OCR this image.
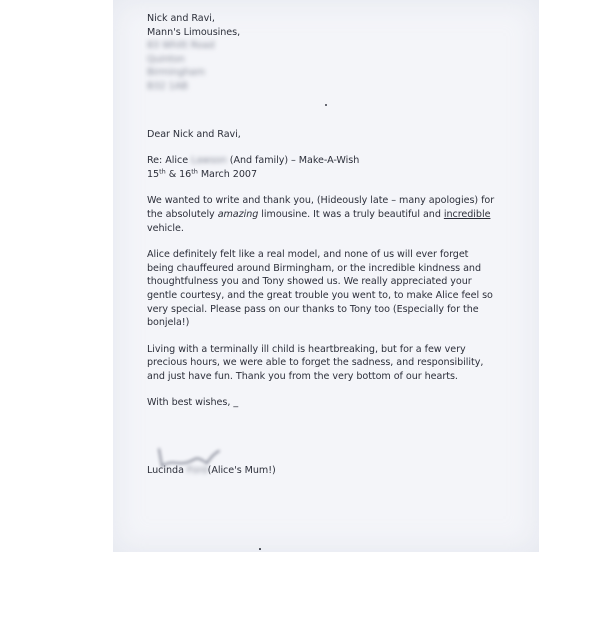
Nick and Ravi,
Mann's Limousines,
83 Whitt Road
Quinton
Birmingham
B32 1AB
Dear Nick and Ravi,
Re: Alice Lawson (And family) – Make-A-Wish
15th & 16th March 2007
We wanted to write and thank you, (Hideously late – many apologies) for
the absolutely amazing limousine. It was a truly beautiful and incredible
vehicle.
Alice definitely felt like a real model, and none of us will ever forget
being chauffeured around Birmingham, or the incredible kindness and
thoughtfulness you and Tony showed us. We really appreciated your
gentle courtesy, and the great trouble you went to, to make Alice feel so
very special. Please pass on our thanks to Tony too (Especially for the
bonjela!)
Living with a terminally ill child is heartbreaking, but for a few very
precious hours, we were able to forget the sadness, and responsibility,
and just have fun. Thank you from the very bottom of our hearts.
With best wishes, _
Lucinda Ford(Alice's Mum!)
